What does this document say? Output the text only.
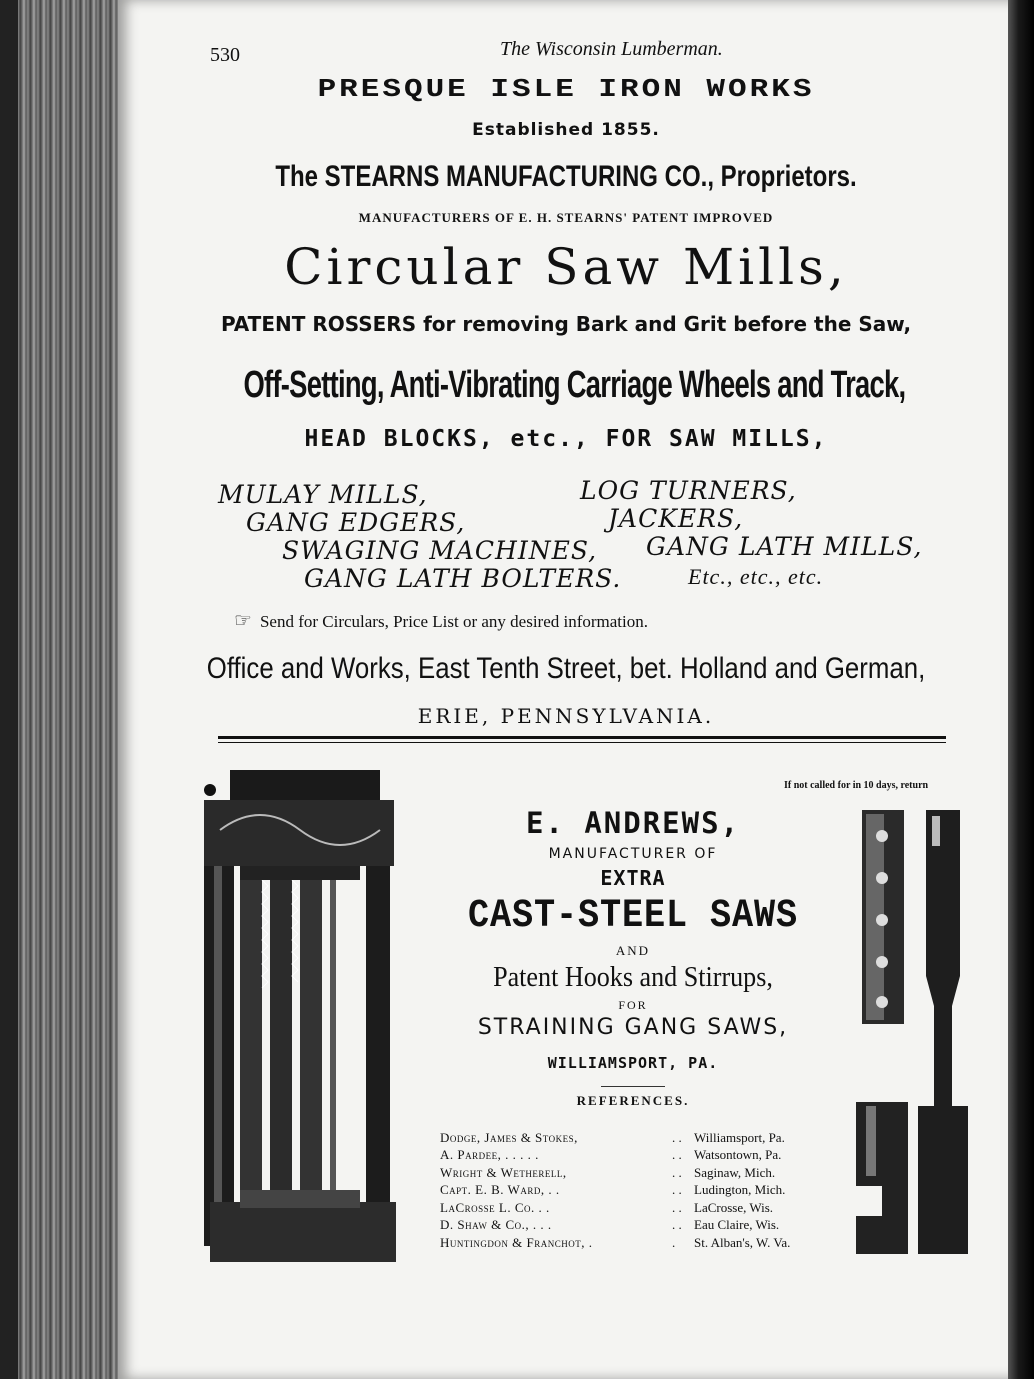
530	The Wisconsin Lumberman.
PRESQUE ISLE IRON WORKS
Established 1855.
The STEARNS MANUFACTURING CO., Proprietors.
MANUFACTURERS OF E. H. STEARNS' PATENT IMPROVED
Circular Saw Mills,
PATENT ROSSERS for removing Bark and Grit before the Saw,
Off-Setting, Anti-Vibrating Carriage Wheels and Track,
HEAD BLOCKS, etc., FOR SAW MILLS,
MULAY MILLS,	LOG TURNERS,
GANG EDGERS,	JACKERS,
SWAGING MACHINES, GANG LATH MILLS,
GANG LATH BOLTERS.	Etc., etc., etc.
☞ Send for Circulars, Price List or any desired information.
Office and Works, East Tenth Street, bet. Holland and German,
ERIE, PENNSYLVANIA.
If not called for in 10 days, return
E. ANDREWS,
MANUFACTURER OF
EXTRA
CAST-STEEL SAWS
AND
Patent Hooks and Stirrups,
FOR
STRAINING GANG SAWS,
WILLIAMSPORT, PA.
REFERENCES.
Dodge, James & Stokes,	. . Williamsport, Pa.
A. Pardee, . . . . .	. . Watsontown, Pa.
Wright & Wetherell,	. . Saginaw, Mich.
Capt. E. B. Ward, . .	. . Ludington, Mich.
LaCrosse L. Co. . .	. . LaCrosse, Wis.
D. Shaw & Co., . . .	. . Eau Claire, Wis.
Huntingdon & Franchot, .	.	St. Alban's, W. Va.
